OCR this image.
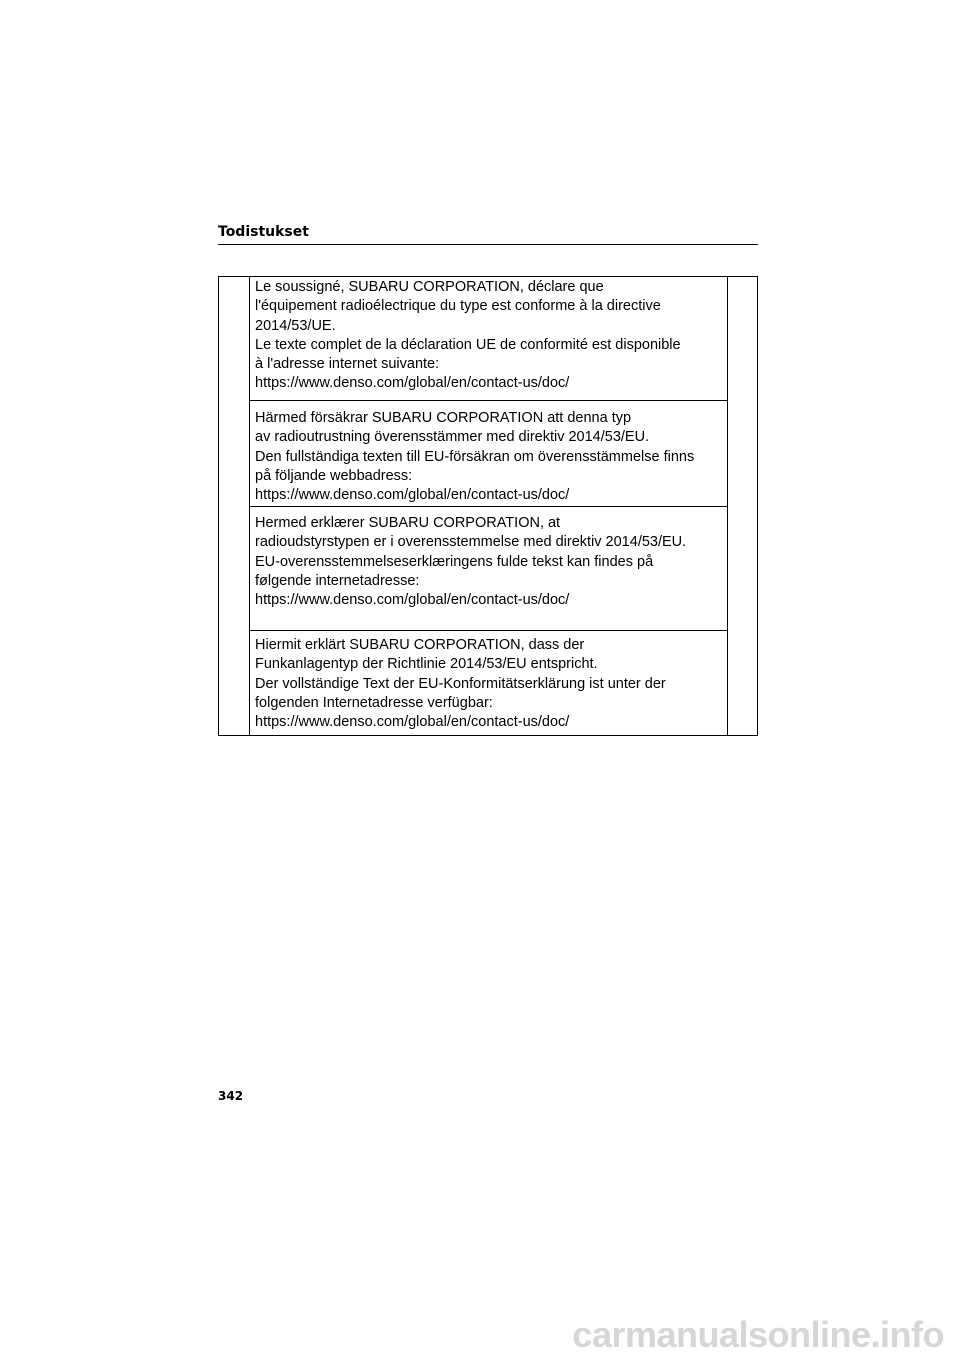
Todistukset
Le soussigné, SUBARU CORPORATION, déclare que
l'équipement radioélectrique du type est conforme à la directive
2014/53/UE.
Le texte complet de la déclaration UE de conformité est disponible
à l'adresse internet suivante:
https://www.denso.com/global/en/contact-us/doc/
Härmed försäkrar SUBARU CORPORATION att denna typ
av radioutrustning överensstämmer med direktiv 2014/53/EU.
Den fullständiga texten till EU-försäkran om överensstämmelse finns
på följande webbadress:
https://www.denso.com/global/en/contact-us/doc/
Hermed erklærer SUBARU CORPORATION, at
radioudstyrstypen er i overensstemmelse med direktiv 2014/53/EU.
EU-overensstemmelseserklæringens fulde tekst kan findes på
følgende internetadresse:
https://www.denso.com/global/en/contact-us/doc/
Hiermit erklärt SUBARU CORPORATION, dass der
Funkanlagentyp der Richtlinie 2014/53/EU entspricht.
Der vollständige Text der EU-Konformitätserklärung ist unter der
folgenden Internetadresse verfügbar:
https://www.denso.com/global/en/contact-us/doc/
342
carmanualsonline.info
